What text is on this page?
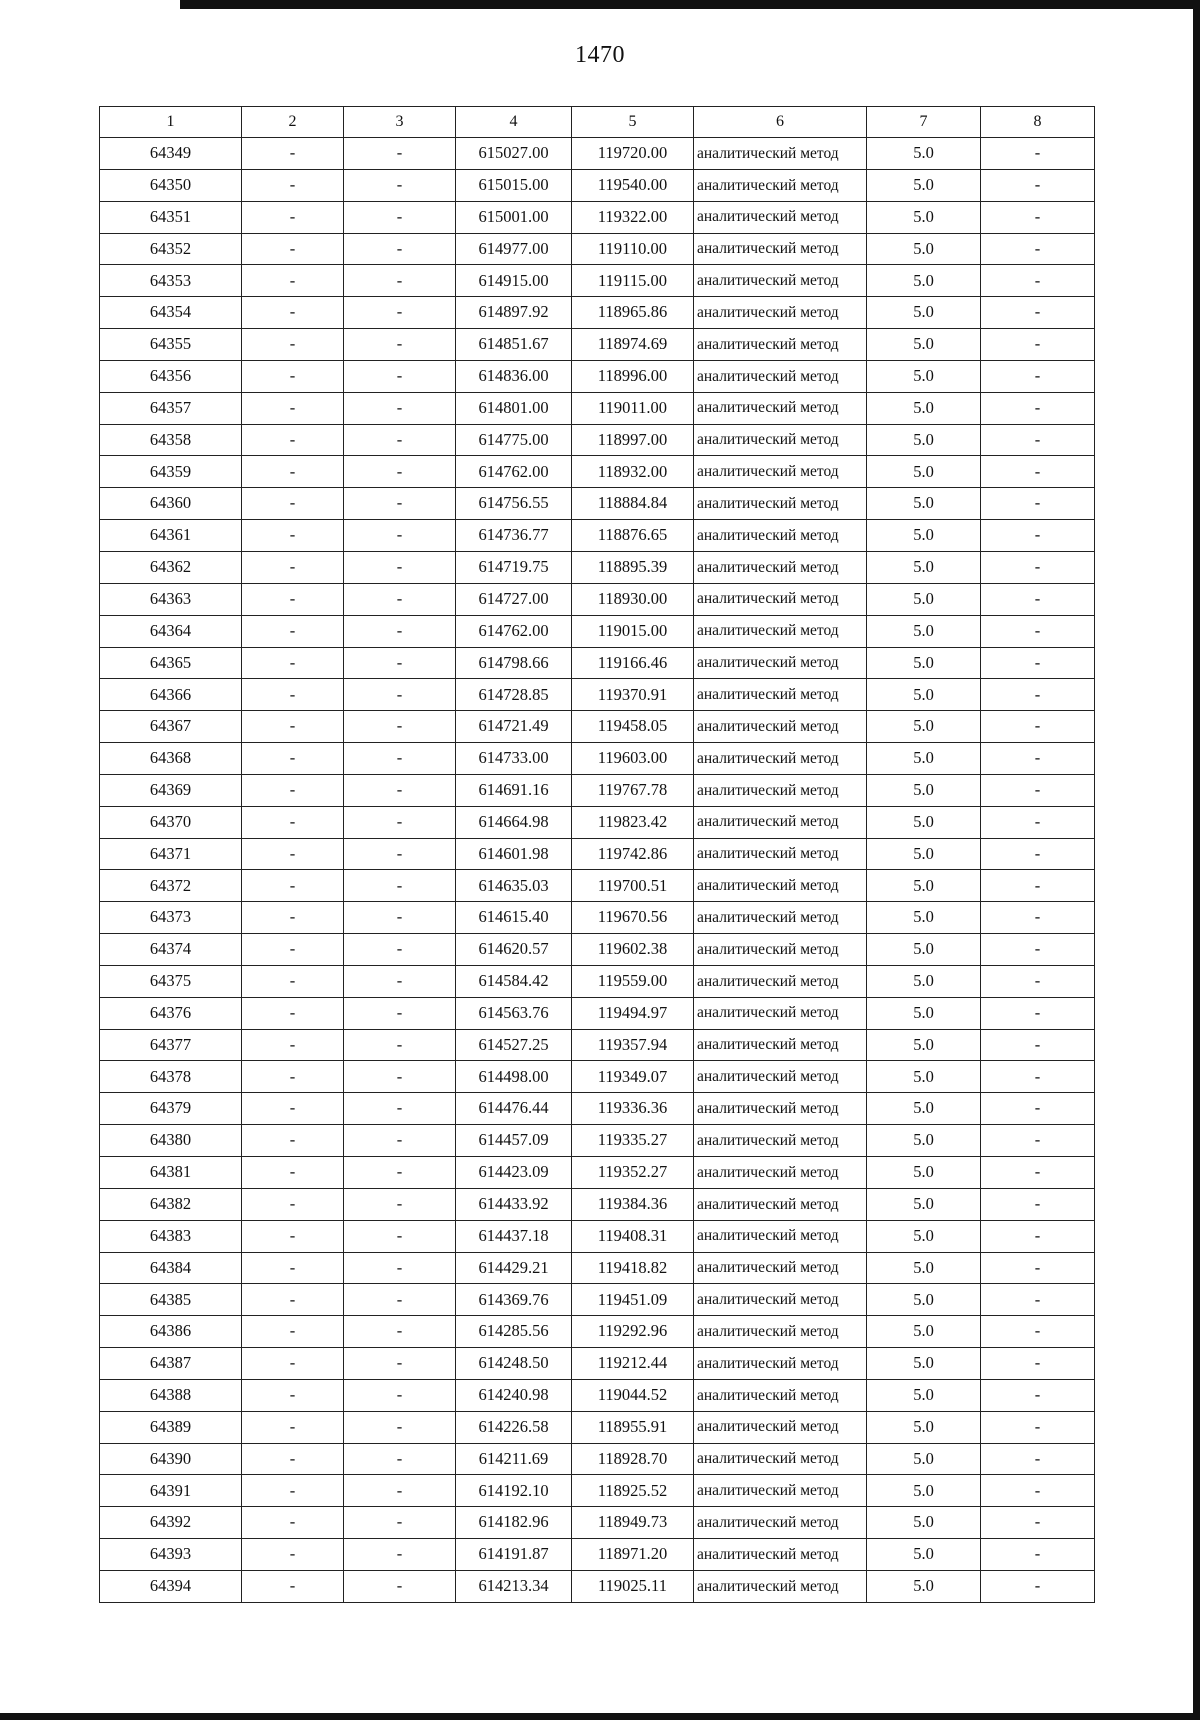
1470
1	2	3	4	5	6	7	8
64349	-	-	615027.00	119720.00	аналитический метод	5.0	-
64350	-	-	615015.00	119540.00	аналитический метод	5.0	-
64351	-	-	615001.00	119322.00	аналитический метод	5.0	-
64352	-	-	614977.00	119110.00	аналитический метод	5.0	-
64353	-	-	614915.00	119115.00	аналитический метод	5.0	-
64354	-	-	614897.92	118965.86	аналитический метод	5.0	-
64355	-	-	614851.67	118974.69	аналитический метод	5.0	-
64356	-	-	614836.00	118996.00	аналитический метод	5.0	-
64357	-	-	614801.00	119011.00	аналитический метод	5.0	-
64358	-	-	614775.00	118997.00	аналитический метод	5.0	-
64359	-	-	614762.00	118932.00	аналитический метод	5.0	-
64360	-	-	614756.55	118884.84	аналитический метод	5.0	-
64361	-	-	614736.77	118876.65	аналитический метод	5.0	-
64362	-	-	614719.75	118895.39	аналитический метод	5.0	-
64363	-	-	614727.00	118930.00	аналитический метод	5.0	-
64364	-	-	614762.00	119015.00	аналитический метод	5.0	-
64365	-	-	614798.66	119166.46	аналитический метод	5.0	-
64366	-	-	614728.85	119370.91	аналитический метод	5.0	-
64367	-	-	614721.49	119458.05	аналитический метод	5.0	-
64368	-	-	614733.00	119603.00	аналитический метод	5.0	-
64369	-	-	614691.16	119767.78	аналитический метод	5.0	-
64370	-	-	614664.98	119823.42	аналитический метод	5.0	-
64371	-	-	614601.98	119742.86	аналитический метод	5.0	-
64372	-	-	614635.03	119700.51	аналитический метод	5.0	-
64373	-	-	614615.40	119670.56	аналитический метод	5.0	-
64374	-	-	614620.57	119602.38	аналитический метод	5.0	-
64375	-	-	614584.42	119559.00	аналитический метод	5.0	-
64376	-	-	614563.76	119494.97	аналитический метод	5.0	-
64377	-	-	614527.25	119357.94	аналитический метод	5.0	-
64378	-	-	614498.00	119349.07	аналитический метод	5.0	-
64379	-	-	614476.44	119336.36	аналитический метод	5.0	-
64380	-	-	614457.09	119335.27	аналитический метод	5.0	-
64381	-	-	614423.09	119352.27	аналитический метод	5.0	-
64382	-	-	614433.92	119384.36	аналитический метод	5.0	-
64383	-	-	614437.18	119408.31	аналитический метод	5.0	-
64384	-	-	614429.21	119418.82	аналитический метод	5.0	-
64385	-	-	614369.76	119451.09	аналитический метод	5.0	-
64386	-	-	614285.56	119292.96	аналитический метод	5.0	-
64387	-	-	614248.50	119212.44	аналитический метод	5.0	-
64388	-	-	614240.98	119044.52	аналитический метод	5.0	-
64389	-	-	614226.58	118955.91	аналитический метод	5.0	-
64390	-	-	614211.69	118928.70	аналитический метод	5.0	-
64391	-	-	614192.10	118925.52	аналитический метод	5.0	-
64392	-	-	614182.96	118949.73	аналитический метод	5.0	-
64393	-	-	614191.87	118971.20	аналитический метод	5.0	-
64394	-	-	614213.34	119025.11	аналитический метод	5.0	-
